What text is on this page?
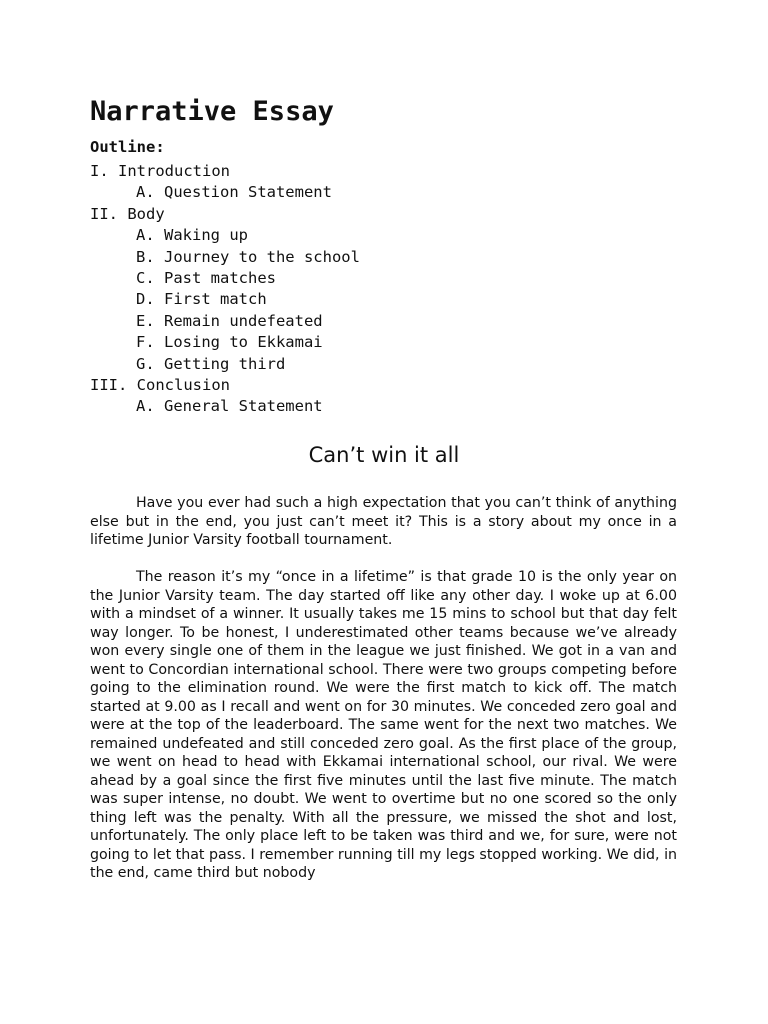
Narrative Essay
Outline:
I. Introduction
A. Question Statement
II. Body
A. Waking up
B. Journey to the school
C. Past matches
D. First match
E. Remain undefeated
F. Losing to Ekkamai
G. Getting third
III. Conclusion
A. General Statement
Can’t win it all

Have you ever had such a high expectation that you can’t think of anything else but in the end, you just can’t meet it? This is a story about my once in a lifetime Junior Varsity football tournament.

The reason it’s my “once in a lifetime” is that grade 10 is the only year on the Junior Varsity team. The day started off like any other day. I woke up at 6.00 with a mindset of a winner. It usually takes me 15 mins to school but that day felt way longer. To be honest, I underestimated other teams because we’ve already won every single one of them in the league we just finished. We got in a van and went to Concordian international school. There were two groups competing before going to the elimination round. We were the first match to kick off. The match started at 9.00 as I recall and went on for 30 minutes. We conceded zero goal and were at the top of the leaderboard. The same went for the next two matches. We remained undefeated and still conceded zero goal. As the first place of the group, we went on head to head with Ekkamai international school, our rival. We were ahead by a goal since the first five minutes until the last five minute. The match was super intense, no doubt. We went to overtime but no one scored so the only thing left was the penalty. With all the pressure, we missed the shot and lost, unfortunately. The only place left to be taken was third and we, for sure, were not going to let that pass. I remember running till my legs stopped working. We did, in the end, came third but nobody
